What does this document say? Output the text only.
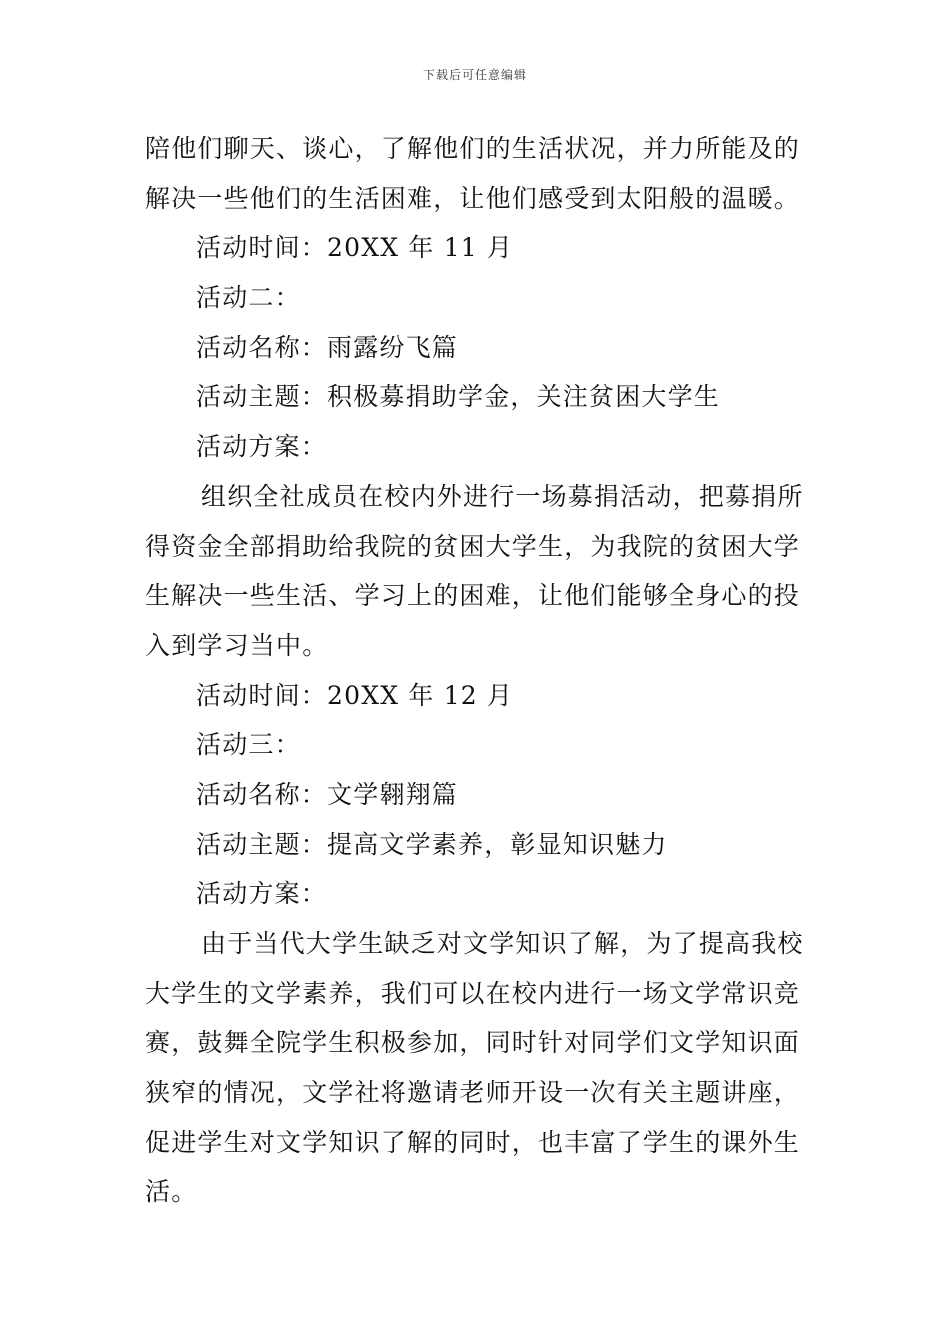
下载后可任意编辑
陪他们聊天、谈心，了解他们的生活状况，并力所能及的
解决一些他们的生活困难，让他们感受到太阳般的温暖。
活动时间：20XX 年 11 月
活动二：
活动名称：雨露纷飞篇
活动主题：积极募捐助学金，关注贫困大学生
活动方案：
组织全社成员在校内外进行一场募捐活动，把募捐所
得资金全部捐助给我院的贫困大学生，为我院的贫困大学
生解决一些生活、学习上的困难，让他们能够全身心的投
入到学习当中。
活动时间：20XX 年 12 月
活动三：
活动名称：文学翱翔篇
活动主题：提高文学素养，彰显知识魅力
活动方案：
由于当代大学生缺乏对文学知识了解，为了提高我校
大学生的文学素养，我们可以在校内进行一场文学常识竞
赛，鼓舞全院学生积极参加，同时针对同学们文学知识面
狭窄的情况，文学社将邀请老师开设一次有关主题讲座，
促进学生对文学知识了解的同时，也丰富了学生的课外生
活。
